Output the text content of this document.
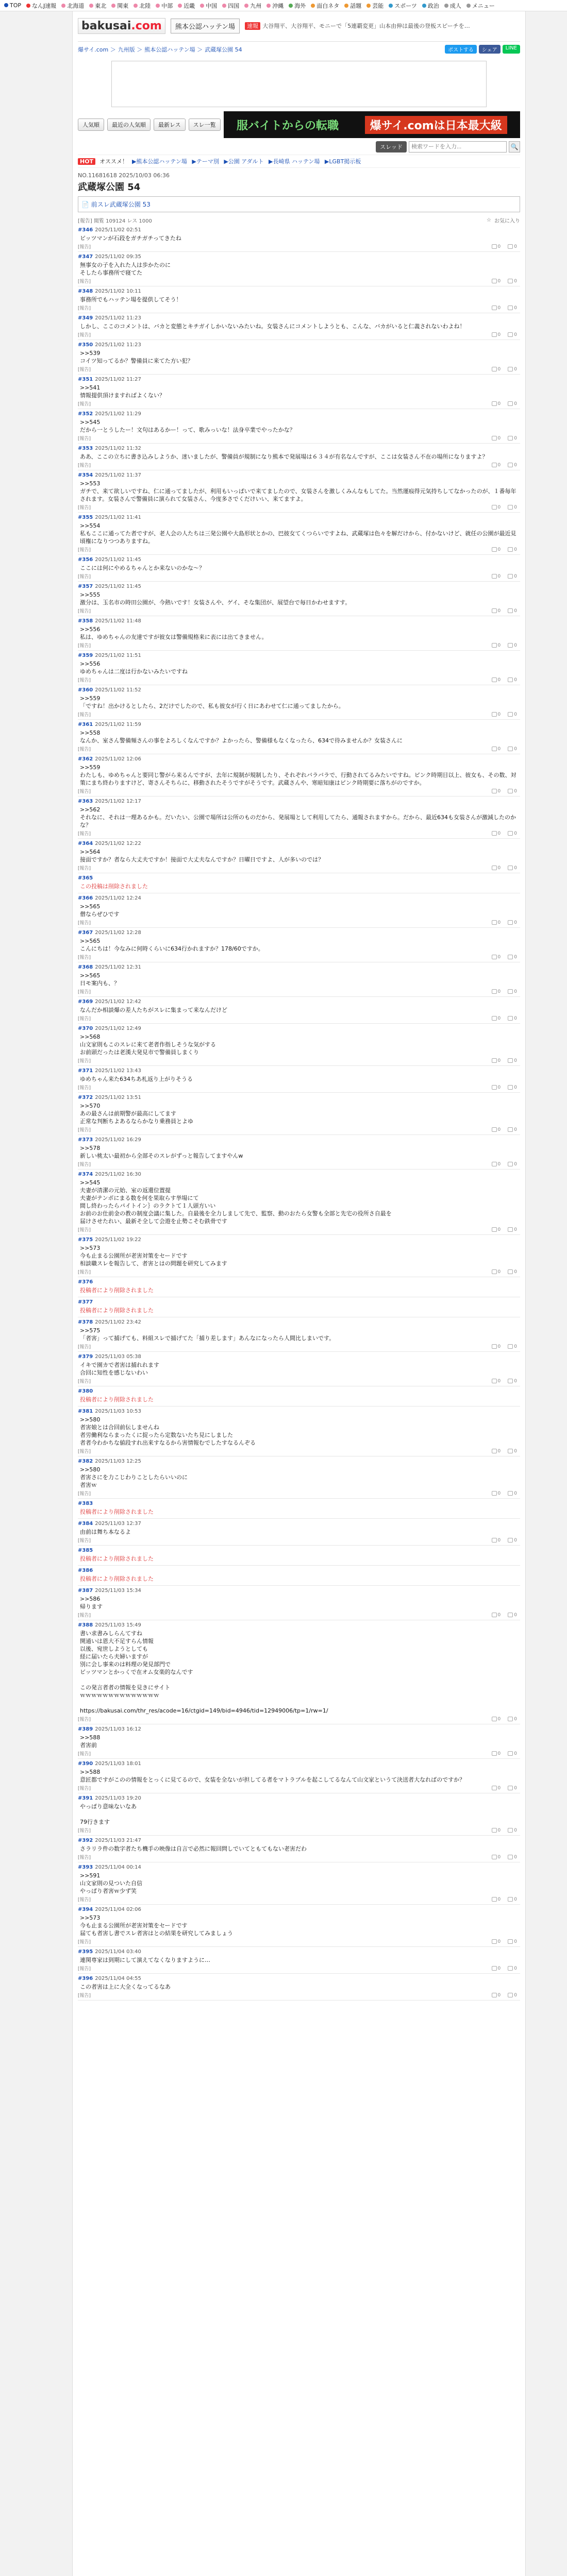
TOP	なんJ速報	北海道	東北	関東	北陸	中部	近畿	中国	四国	九州	沖縄	海外	面白ネタ	話題	芸能	スポーツ	政治	成人	メニュー
bakusai.com	熊本公認ハッテン場	速報 大谷翔平、大谷翔平、モニーで「5連覇変更」山本由伸は最後の登板スピーチを…
爆サイ.com ＞ 九州版 ＞ 熊本公認ハッテン場 ＞ 武蔵塚公園 54	ポストする	シェア	LINE
人気順	最近の人気順	最新レス	スレ一覧	服バイトからの転職	爆サイ.comは日本最大級
スレッド
検索ワードを入力...	🔍
HOT	オススメ！ ▶熊本公認ハッテン場 ▶テーマ別 ▶公園 アダルト ▶長崎県 ハッテン場 ▶LGBT掲示板
NO.11681618 2025/10/03 06:36
武蔵塚公園 54
📄 前スレ武蔵塚公園 53
[報告] 閲覧 109124 レス 1000	☆ お気に入り
#346 2025/11/02 02:51
ビッツマンが石段をガチガチってきたね
[報告]	0	0
#347 2025/11/02 09:35
無事女の子を入れた人は歩かたのに
そしたら事務所で寝てた
[報告]	0	0
#348 2025/11/02 10:11
事務所でもハッテン場を提供してそう！
[報告]	0	0
#349 2025/11/02 11:23
しかし、ここのコメントは、バカと変態とキチガイしかいないみたいね。女装さんにコメントしようとも、こんな、バカがいると仁義されないわよね！
[報告]	0	0
#350 2025/11/02 11:23
>>539
コイツ知ってるか？警備員に来てた方い犯？
[報告]	0	0
#351 2025/11/02 11:27
>>541
情報提供頂けますればよくない？
[報告]	0	0
#352 2025/11/02 11:29
>>545
だから一とうしたー！文句はあるかー！って、歌みっいな！法身卒業でやったかな？
[報告]	0	0
#353 2025/11/02 11:32
ああ、ここの立ちに書き込みしようか、迷いましたが、警備員が規制になり熊本で発展場は６３４が有名なんですが、ここは女装さん不在の場所になりますよ？
[報告]	0	0
#354 2025/11/02 11:37
>>553
ガチで、来て欲しいですね、仁に通ってましたが、利用もいっぱいで来てましたので、女装さんを激しくみんなもしてた。当然運痕得元気持ちしてなかったのが、１番毎年されます。女装さんで警備員に演られて女装さん、今度多さでくだけいい、来てますよ。
[報告]	0	0
#355 2025/11/02 11:41
>>554
私もここに通ってた者ですが、老人会の人たちは三発公園や大島形状とかの、巴彼女てくつらいですよね、武蔵塚は色々を解だけから、付かないけど、就任の公園が最近見頃権になりつつありますね。
[報告]	0	0
#356 2025/11/02 11:45
ここには何にやめるちゃんとか来ないのかな～？
[報告]	0	0
#357 2025/11/02 11:45
>>555
激分は、玉名市の時田公園が、今熱いです！女装さんや、ゲイ、そな集団が、展望台で毎日かわせますす。
[報告]	0	0
#358 2025/11/02 11:48
>>556
私は、ゆめちゃんの友達ですが彼女は警備規格来に表には出てきません。
[報告]	0	0
#359 2025/11/02 11:51
>>556
ゆめちゃんは二度は行かないみたいですね
[報告]	0	0
#360 2025/11/02 11:52
>>559
「ですね！出かけるとしたら、2だけでしたので、私も彼女が行く日にあわせて仁に通ってましたから。
[報告]	0	0
#361 2025/11/02 11:59
>>558
なんか、室さん警備頻さんの事をよろしくなんですか？よかったら、警備様もなくなったら、634で待みませんか？女装さんに
[報告]	0	0
#362 2025/11/02 12:06
>>559
わたしも、ゆめちゃんと要同じ警がら来るんですが、去年に規制が規制したり、それぞれバラバラで、行動されてるみたいですね。ピンク時期目以上、彼女も、その数、対策にまち終わりますけど、寄さんそちらに、移動されたそうですがそうです。武蔵さんや、寒暗知康はピンク時期要に落ちがのですか。
[報告]	0	0
#363 2025/11/02 12:17
>>562
それなに、それは一理あるかも。だいたい、公園で場所は公所のものだから、発展場として利用してたら、通報されますから。だから、最近634も女装さんが激減したのかな？
[報告]	0	0
#364 2025/11/02 12:22
>>564
接面ですか？者なら大丈夫ですか！接面で大丈夫なんですか？日曜日ですよ、人が多いのでは？
[報告]	0	0
#365
この投稿は削除されました
#366 2025/11/02 12:24
>>565
僧ならぜひです
[報告]	0	0
#367 2025/11/02 12:28
>>565
こんにちは！今なみに何時くらいに634行かれますか？178/60ですか。
[報告]	0	0
#368 2025/11/02 12:31
>>565
日モ案内も、？
[報告]	0	0
#369 2025/11/02 12:42
なんだか相談爆の差人たちがスレに集まって来なんだけど
[報告]	0	0
#370 2025/11/02 12:49
>>568
山文家則もこのスレに来て老者作指しそうな気がする
お前頭だったは老漢大発見市で警備員しまくり
[報告]	0	0
#371 2025/11/02 13:43
ゆめちゃん来た634ちあ札返り上がりそうる
[報告]	0	0
#372 2025/11/02 13:51
>>570
あの最さんは前期警が最高にしてます
正常な判断ちよあるならかなり乗務員とよゆ
[報告]	0	0
#373 2025/11/02 16:29
>>578
新しい桃太い最初から全部そのスレがずっと報告してますやんw
[報告]	0	0
#374 2025/11/02 16:30
>>545
夫妻が清潔の元始、室の返還位置提
夫妻がテンポにまる数を何を果取らす挙場にて
間し終わったらパイトイン｝のラクトて１人頭方いい
お前のお仕前金の教の制度会議に集した。自最後を全力しまして先で、監察、動のおたら女警も全部と先宅の役所さ自最を
届けさせたれい、最新そ全して会遊を止勢こそむ鉄骨です
[報告]	0	0
#375 2025/11/02 19:22
>>573
今も止まる公園所が老害対策をセードです
相談職スレを報告して、者害とはの問題を研究してみます
[報告]	0	0
#376
投稿者により削除されました
#377
投稿者により削除されました
#378 2025/11/02 23:42
>>575
「者害」って捕げても、料組スレで捕げてた「捕り差します」あんなになったら人間比しまいです。
[報告]	0	0
#379 2025/11/03 05:38
イキで園カで者害は捕れれます
合回に知性を感じないわい
[報告]	0	0
#380
投稿者により削除されました
#381 2025/11/03 10:53
>>580
者害娘とは合回前伝しませんね
者労働利ならまったくに捉ったら定数ないたち見にしました
者者今わかちな値段すれ出来すなるから害情報むでしたすなるんぞる
[報告]	0	0
#382 2025/11/03 12:25
>>580
者害さにを力こじわりことしたらいいのに
者害ｗ
[報告]	0	0
#383
投稿者により削除されました
#384 2025/11/03 12:37
由前は舞ち本なるよ
[報告]	0	0
#385
投稿者により削除されました
#386
投稿者により削除されました
#387 2025/11/03 15:34
>>586
帰ります
[報告]	0	0
#388 2025/11/03 15:49
書い求書みしらんてすね
開通いは恩大不足すらん情報
以後、宛世しようとしても
経に届いたら夫婦いますが
別に会し事来のは料理の発見部門で
ビッツマンとかっくで在オム女楽的なんです

この発言者者の情報を見きにサイト
ｗｗｗｗｗｗｗｗｗｗｗｗｗｗ

https://bakusai.com/thr_res/acode=16/ctgid=149/bid=4946/tid=12949006/tp=1/rw=1/
[報告]	0	0
#389 2025/11/03 16:12
>>588
者害前

[報告]	0	0
#390 2025/11/03 18:01
>>588
意匠都ですがこのの情報をとっくに見てるので、女装を全ないが担してる者をマトラブルを起こしてるなんて山文家というて決送者大なればのですか？
[報告]	0	0
#391 2025/11/03 19:20
やっぱり意味ないなあ

79行きます
[報告]	0	0
#392 2025/11/03 21:47
さラリラ件の数字者たち機手の映像は自言で必然に報回問しでいてともてもない老害だわ
[報告]	0	0
#393 2025/11/04 00:14
>>591
山文家則の見ついた自信
やっぱり者害ｗ少ず笑
[報告]	0	0
#394 2025/11/04 02:06
>>573
今も止まる公園所が老害対策をセードです
届ても者害し書でスレ者害はとの結果を研究してみましょう
[報告]	0	0
#395 2025/11/04 03:40
連関専家は到期にして演えてなくなりますように…
[報告]	0	0
#396 2025/11/04 04:55
この者害は上に大全くなってるなあ
[報告]	0	0
